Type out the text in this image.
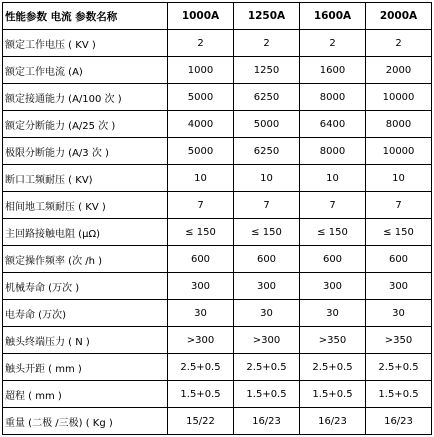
性能参数 电流 参数名称	1000A	1250A	1600A	2000A
额定工作电压 ( KV )	2	2	2	2
额定工作电流 (A)	1000	1250	1600	2000
额定接通能力 (A/100 次 )	5000	6250	8000	10000
额定分断能力 (A/25 次 )	4000	5000	6400	8000
极限分断能力 (A/3 次 )	5000	6250	8000	10000
断口工频耐压 ( KV)	10	10	10	10
相间地工频耐压 ( KV )	7	7	7	7
主回路接触电阻 (μΩ)	≤ 150	≤ 150	≤ 150	≤ 150
额定操作频率 (次 /h )	600	600	600	600
机械寿命 (万次 )	300	300	300	300
电寿命 (万次)	30	30	30	30
触头终端压力 ( N )	>300	>300	>350	>350
触头开距 ( mm )	2.5+0.5	2.5+0.5	2.5+0.5	2.5+0.5
超程 ( mm )	1.5+0.5	1.5+0.5	1.5+0.5	1.5+0.5
重量 (二极 /三极) ( Kg )	15/22	16/23	16/23	16/23
